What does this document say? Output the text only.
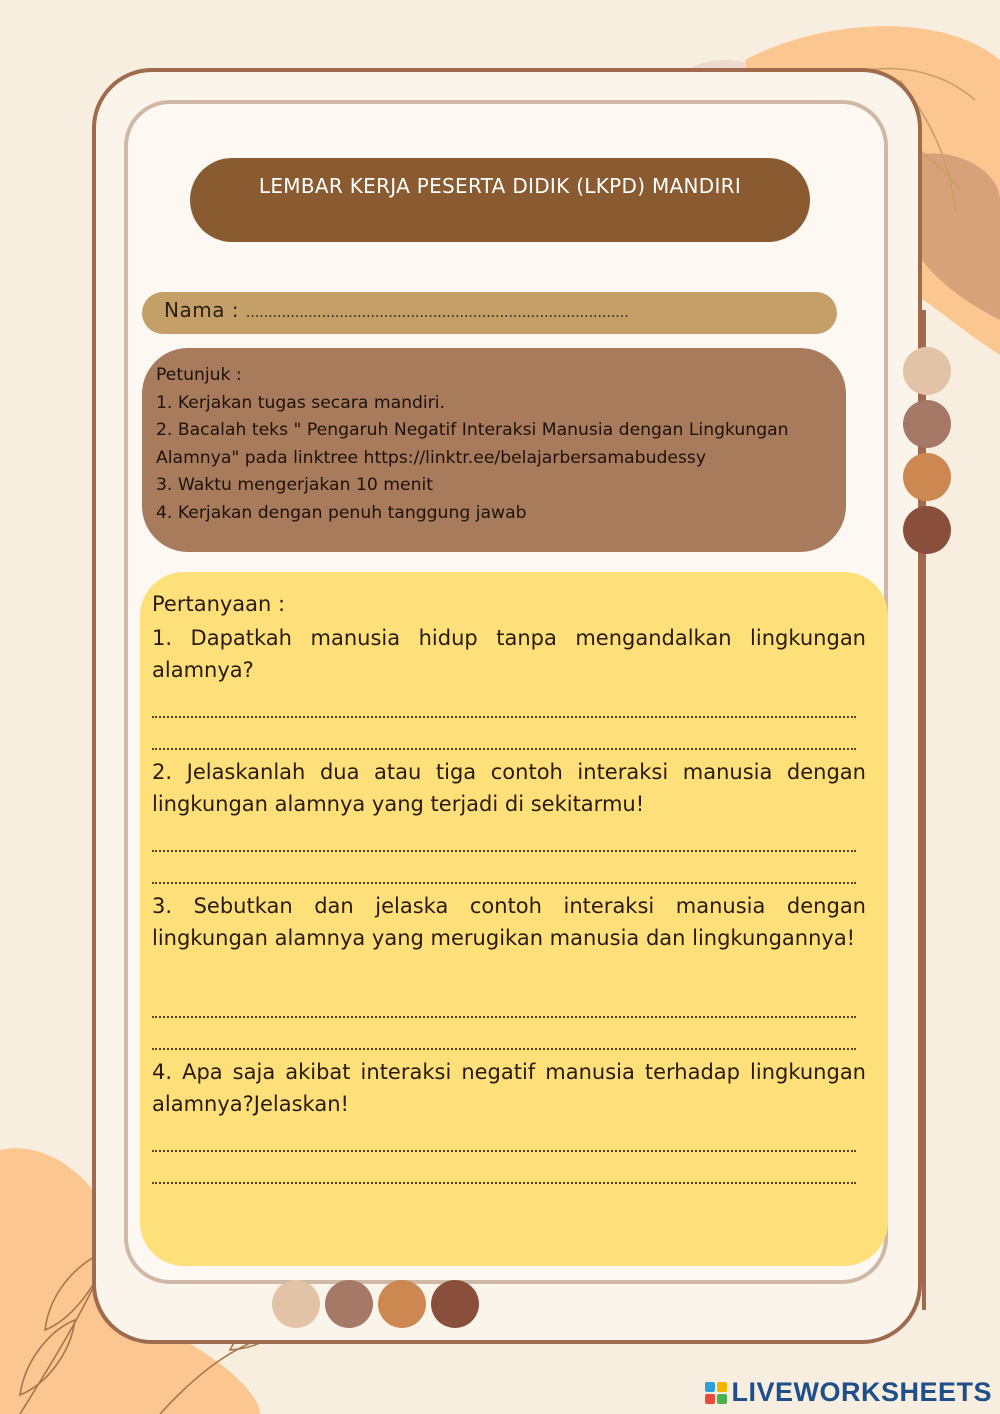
LEMBAR KERJA PESERTA DIDIK (LKPD) MANDIRI
Nama : ......................................................................................

Petunjuk :

1. Kerjakan tugas secara mandiri.

2. Bacalah teks " Pengaruh Negatif Interaksi Manusia dengan Lingkungan

Alamnya" pada linktree https://linktr.ee/belajarbersamabudessy

3. Waktu mengerjakan 10 menit

4. Kerjakan dengan penuh tanggung jawab

Pertanyaan :

1. Dapatkah manusia hidup tanpa mengandalkan lingkungan alamnya?

2. Jelaskanlah dua atau tiga contoh interaksi manusia dengan lingkungan alamnya yang terjadi di sekitarmu!

3. Sebutkan dan jelaska contoh interaksi manusia dengan lingkungan alamnya yang merugikan manusia dan lingkungannya!

4. Apa saja akibat interaksi negatif manusia terhadap lingkungan alamnya?Jelaskan!

LIVEWORKSHEETS
